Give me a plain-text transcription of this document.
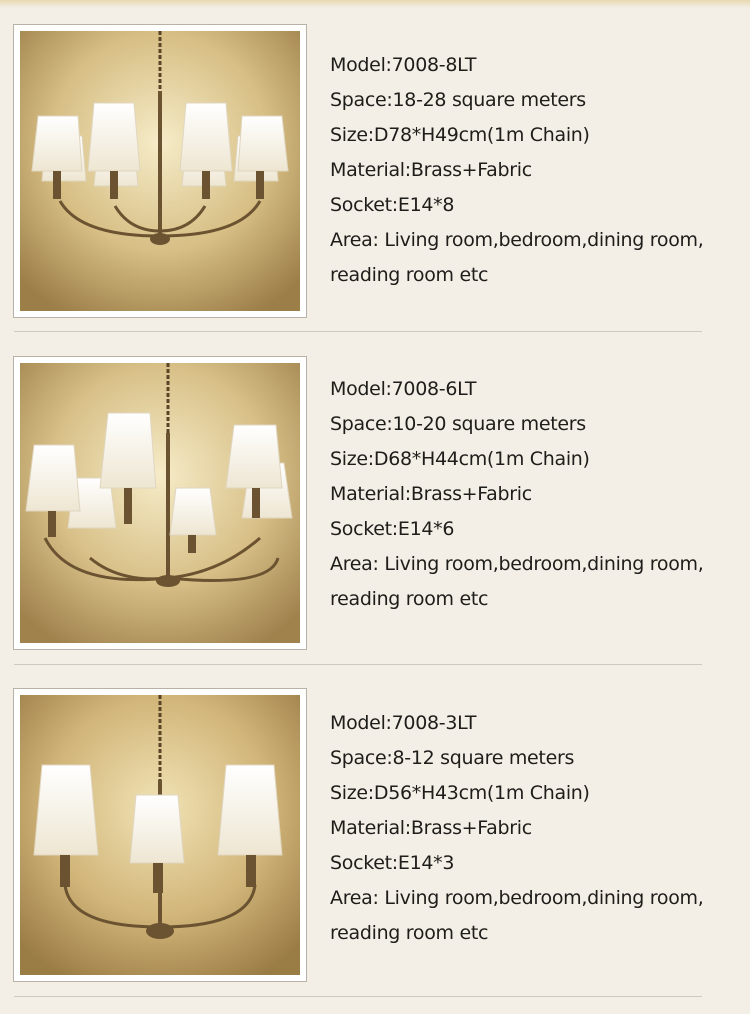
Model:7008-8LT
Space:18-28 square meters
Size:D78*H49cm(1m Chain)
Material:Brass+Fabric
Socket:E14*8
Area: Living room,bedroom,dining room,
reading room etc
Model:7008-6LT
Space:10-20 square meters
Size:D68*H44cm(1m Chain)
Material:Brass+Fabric
Socket:E14*6
Area: Living room,bedroom,dining room,
reading room etc
Model:7008-3LT
Space:8-12 square meters
Size:D56*H43cm(1m Chain)
Material:Brass+Fabric
Socket:E14*3
Area: Living room,bedroom,dining room,
reading room etc
